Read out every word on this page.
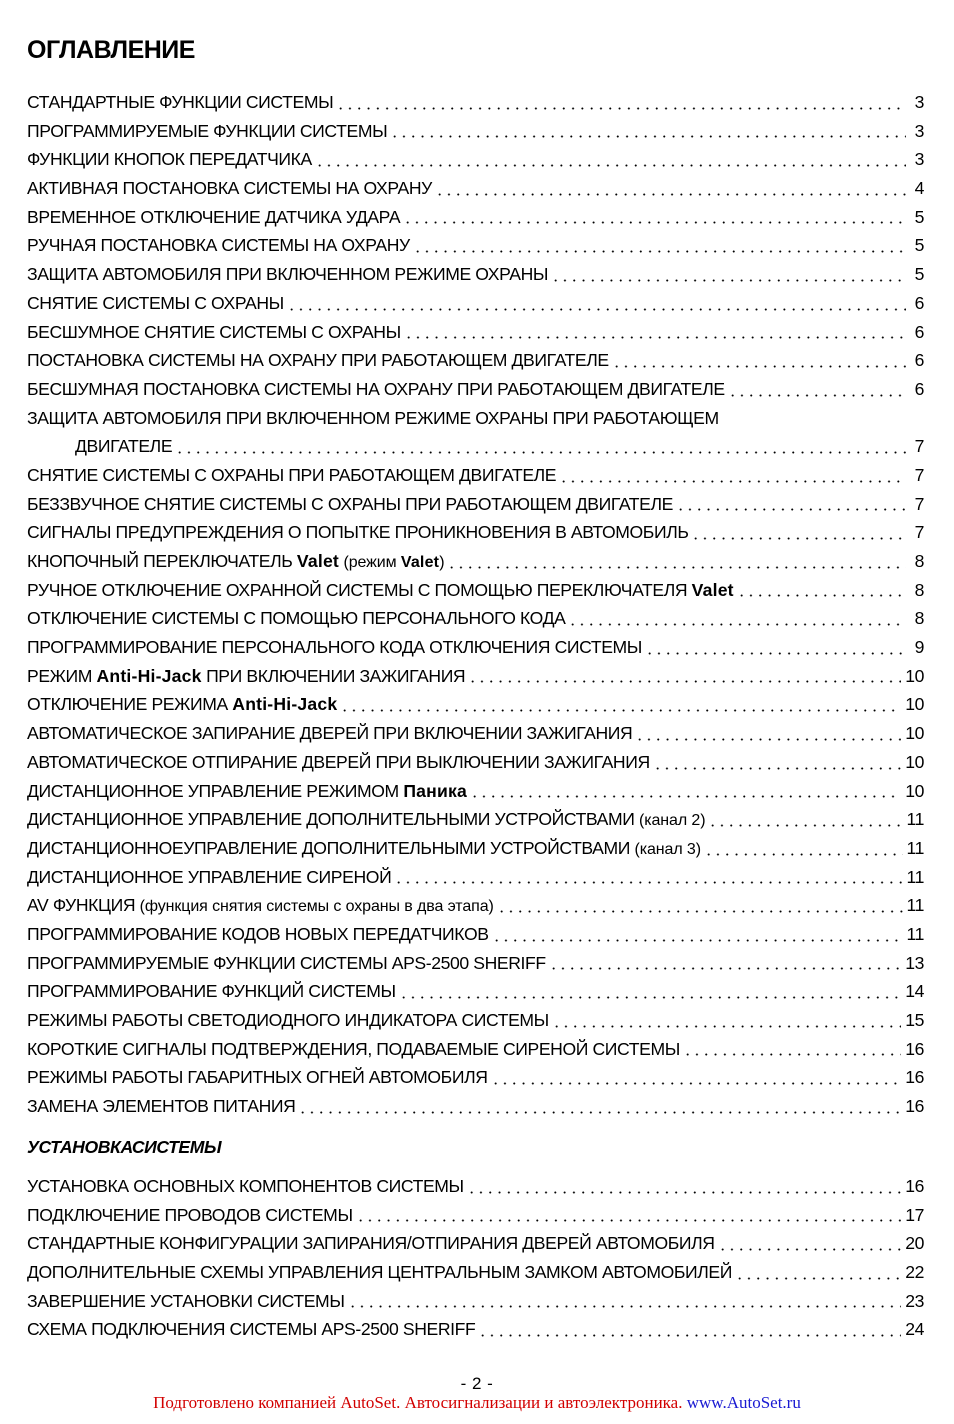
ОГЛАВЛЕНИЕ
СТАНДАРТНЫЕ ФУНКЦИИ СИСТЕМЫ	3
ПРОГРАММИРУЕМЫЕ ФУНКЦИИ СИСТЕМЫ	3
ФУНКЦИИ КНОПОК ПЕРЕДАТЧИКА	3
АКТИВНАЯ ПОСТАНОВКА СИСТЕМЫ НА ОХРАНУ	4
ВРЕМЕННОЕ ОТКЛЮЧЕНИЕ ДАТЧИКА УДАРА	5
РУЧНАЯ ПОСТАНОВКА СИСТЕМЫ НА ОХРАНУ	5
ЗАЩИТА АВТОМОБИЛЯ ПРИ ВКЛЮЧЕННОМ РЕЖИМЕ ОХРАНЫ	5
СНЯТИЕ СИСТЕМЫ С ОХРАНЫ	6
БЕСШУМНОЕ СНЯТИЕ СИСТЕМЫ С ОХРАНЫ	6
ПОСТАНОВКА СИСТЕМЫ НА ОХРАНУ ПРИ РАБОТАЮЩЕМ ДВИГАТЕЛЕ	6
БЕСШУМНАЯ ПОСТАНОВКА СИСТЕМЫ НА ОХРАНУ ПРИ РАБОТАЮЩЕМ ДВИГАТЕЛЕ	6
ЗАЩИТА АВТОМОБИЛЯ ПРИ ВКЛЮЧЕННОМ РЕЖИМЕ ОХРАНЫ ПРИ РАБОТАЮЩЕМ
ДВИГАТЕЛЕ	7
СНЯТИЕ СИСТЕМЫ С ОХРАНЫ ПРИ РАБОТАЮЩЕМ ДВИГАТЕЛЕ	7
БЕЗЗВУЧНОЕ СНЯТИЕ СИСТЕМЫ С ОХРАНЫ ПРИ РАБОТАЮЩЕМ ДВИГАТЕЛЕ	7
СИГНАЛЫ ПРЕДУПРЕЖДЕНИЯ О ПОПЫТКЕ ПРОНИКНОВЕНИЯ В АВТОМОБИЛЬ	7
КНОПОЧНЫЙ ПЕРЕКЛЮЧАТЕЛЬ Valet (режим Valet)	8
РУЧНОЕ ОТКЛЮЧЕНИЕ ОХРАННОЙ СИСТЕМЫ С ПОМОЩЬЮ ПЕРЕКЛЮЧАТЕЛЯ Valet	8
ОТКЛЮЧЕНИЕ СИСТЕМЫ С ПОМОЩЬЮ ПЕРСОНАЛЬНОГО КОДА	8
ПРОГРАММИРОВАНИЕ ПЕРСОНАЛЬНОГО КОДА ОТКЛЮЧЕНИЯ СИСТЕМЫ	9
РЕЖИМ Anti-Hi-Jack ПРИ ВКЛЮЧЕНИИ ЗАЖИГАНИЯ	10
ОТКЛЮЧЕНИЕ РЕЖИМА Anti-Hi-Jack	10
АВТОМАТИЧЕСКОЕ ЗАПИРАНИЕ ДВЕРЕЙ ПРИ ВКЛЮЧЕНИИ ЗАЖИГАНИЯ	10
АВТОМАТИЧЕСКОЕ ОТПИРАНИЕ ДВЕРЕЙ ПРИ ВЫКЛЮЧЕНИИ ЗАЖИГАНИЯ	10
ДИСТАНЦИОННОЕ УПРАВЛЕНИЕ РЕЖИМОМ Паника	10
ДИСТАНЦИОННОЕ УПРАВЛЕНИЕ ДОПОЛНИТЕЛЬНЫМИ УСТРОЙСТВАМИ (канал 2)	11
ДИСТАНЦИОННОЕУПРАВЛЕНИЕ ДОПОЛНИТЕЛЬНЫМИ УСТРОЙСТВАМИ (канал 3)	11
ДИСТАНЦИОННОЕ УПРАВЛЕНИЕ СИРЕНОЙ	11
AV ФУНКЦИЯ (функция снятия системы с охраны в два этапа)	11
ПРОГРАММИРОВАНИЕ КОДОВ НОВЫХ ПЕРЕДАТЧИКОВ	11
ПРОГРАММИРУЕМЫЕ ФУНКЦИИ СИСТЕМЫ APS-2500 SHERIFF	13
ПРОГРАММИРОВАНИЕ ФУНКЦИЙ СИСТЕМЫ	14
РЕЖИМЫ РАБОТЫ СВЕТОДИОДНОГО ИНДИКАТОРА СИСТЕМЫ	15
КОРОТКИЕ СИГНАЛЫ ПОДТВЕРЖДЕНИЯ, ПОДАВАЕМЫЕ СИРЕНОЙ СИСТЕМЫ	16
РЕЖИМЫ РАБОТЫ ГАБАРИТНЫХ ОГНЕЙ АВТОМОБИЛЯ	16
ЗАМЕНА ЭЛЕМЕНТОВ ПИТАНИЯ	16
УСТАНОВКАСИСТЕМЫ
УСТАНОВКА ОСНОВНЫХ КОМПОНЕНТОВ СИСТЕМЫ	16
ПОДКЛЮЧЕНИЕ ПРОВОДОВ СИСТЕМЫ	17
СТАНДАРТНЫЕ КОНФИГУРАЦИИ ЗАПИРАНИЯ/ОТПИРАНИЯ ДВЕРЕЙ АВТОМОБИЛЯ	20
ДОПОЛНИТЕЛЬНЫЕ СХЕМЫ УПРАВЛЕНИЯ ЦЕНТРАЛЬНЫМ ЗАМКОМ АВТОМОБИЛЕЙ	22
ЗАВЕРШЕНИЕ УСТАНОВКИ СИСТЕМЫ	23
СХЕМА ПОДКЛЮЧЕНИЯ СИСТЕМЫ APS-2500 SHERIFF	24
- 2 -
Подготовлено компанией AutoSet. Автосигнализации и автоэлектроника. www.AutoSet.ru
